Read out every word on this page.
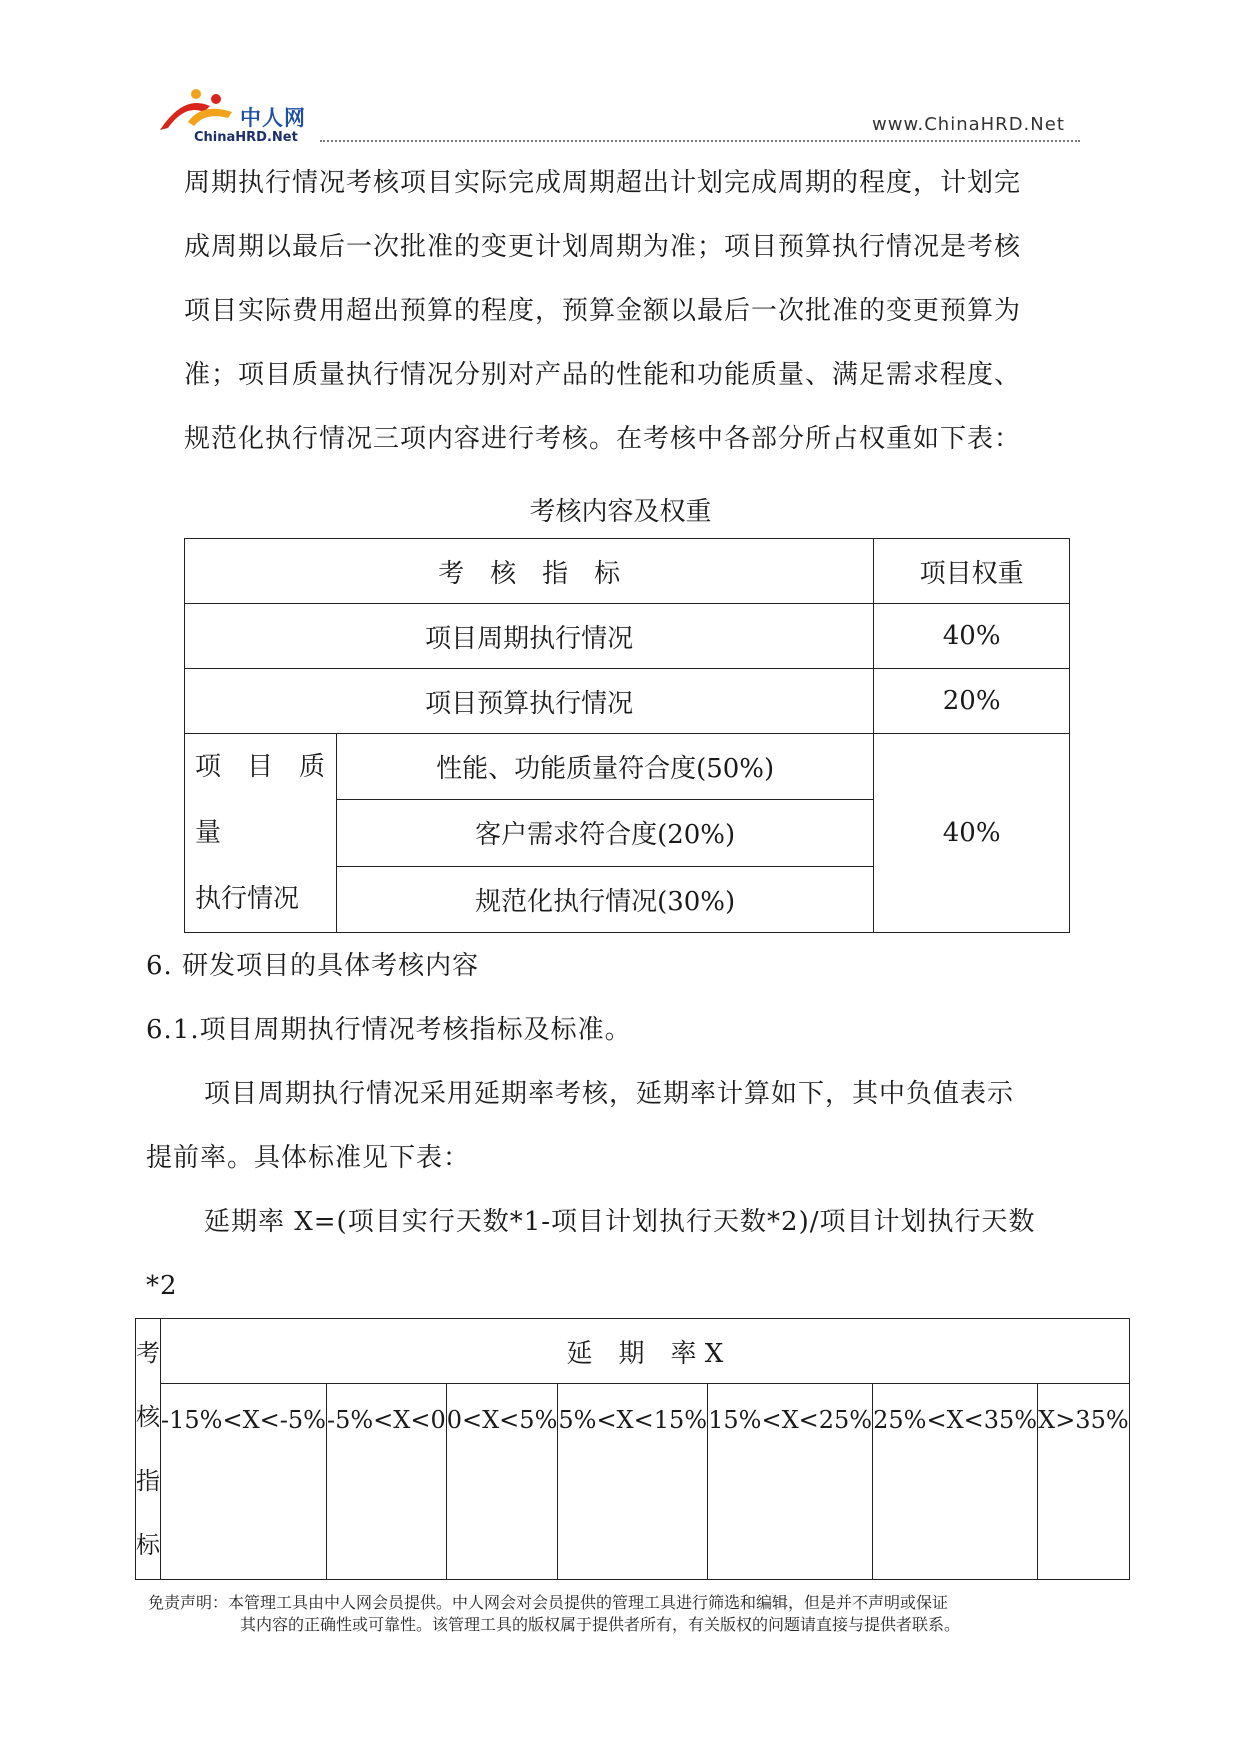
中人网
ChinaHRD.Net
www.ChinaHRD.Net
周期执行情况考核项目实际完成周期超出计划完成周期的程度，计划完
成周期以最后一次批准的变更计划周期为准；项目预算执行情况是考核
项目实际费用超出预算的程度，预算金额以最后一次批准的变更预算为
准；项目质量执行情况分别对产品的性能和功能质量、满足需求程度、
规范化执行情况三项内容进行考核。在考核中各部分所占权重如下表：
考核内容及权重
考　核　指　标		项目权重
项目周期执行情况		40%
项目预算执行情况		20%

项　目　质
量
执行情况	性能、功能质量符合度(50%)	40%
	客户需求符合度(20%)	
	规范化执行情况(30%)	
6. 研发项目的具体考核内容
6.1.项目周期执行情况考核指标及标准。
项目周期执行情况采用延期率考核，延期率计算如下，其中负值表示
提前率。具体标准见下表：
延期率 X=(项目实行天数*1-项目计划执行天数*2)/项目计划执行天数
*2
考
核
指
标	延　期　率 X						
	-15%<X<-5%	-5%<X<0	0<X<5%	5%<X<15%	15%<X<25%	25%<X<35%	X>35%
免责声明：本管理工具由中人网会员提供。中人网会对会员提供的管理工具进行筛选和编辑，但是并不声明或保证
其内容的正确性或可靠性。该管理工具的版权属于提供者所有，有关版权的问题请直接与提供者联系。
